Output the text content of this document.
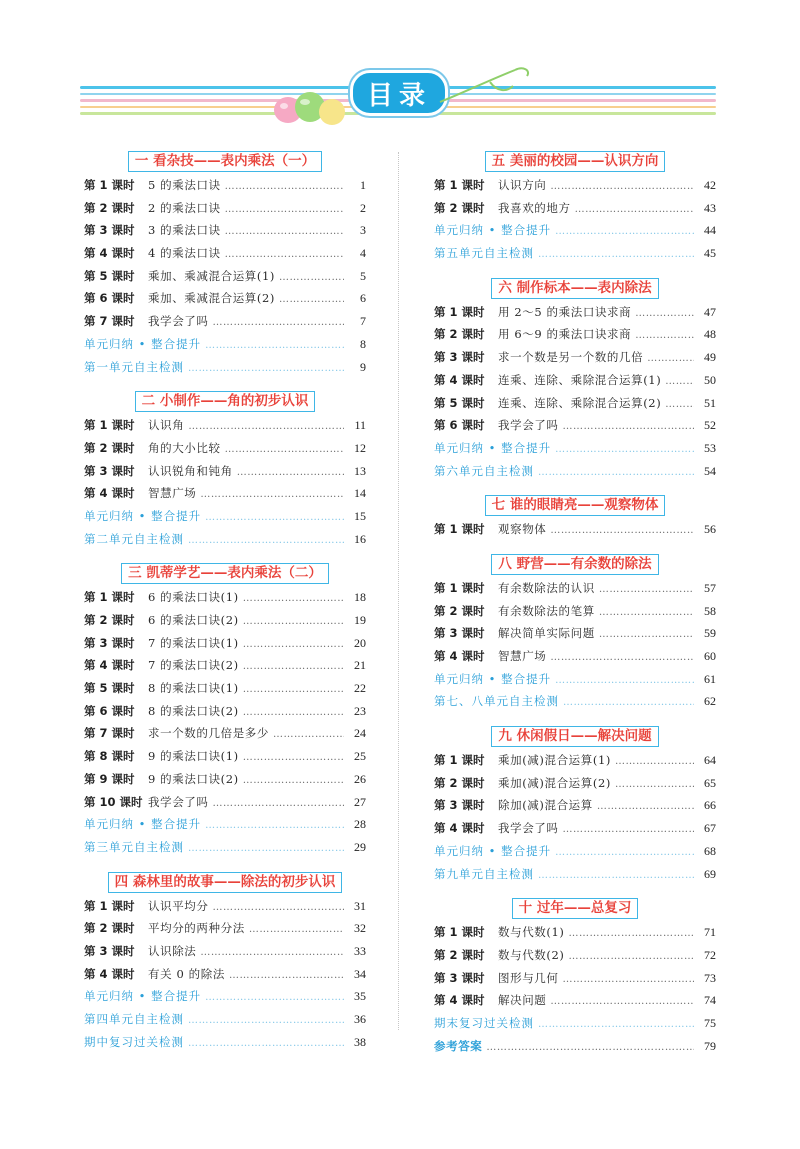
目录
一 看杂技——表内乘法（一）
第 1 课时	5 的乘法口诀 ……………………………………………………………………………………………………………………	1
第 2 课时	2 的乘法口诀 ……………………………………………………………………………………………………………………	2
第 3 课时	3 的乘法口诀 ……………………………………………………………………………………………………………………	3
第 4 课时	4 的乘法口诀 ……………………………………………………………………………………………………………………	4
第 5 课时	乘加、乘减混合运算(1) ……………………………………………………………………………………………………………………	5
第 6 课时	乘加、乘减混合运算(2) ……………………………………………………………………………………………………………………	6
第 7 课时	我学会了吗 ……………………………………………………………………………………………………………………	7
单元归纳 • 整合提升 ……………………………………………………………………………………………………………………	8
第一单元自主检测 ……………………………………………………………………………………………………………………	9
二 小制作——角的初步认识
第 1 课时	认识角 ……………………………………………………………………………………………………………………	11
第 2 课时	角的大小比较 ……………………………………………………………………………………………………………………	12
第 3 课时	认识锐角和钝角 ……………………………………………………………………………………………………………………	13
第 4 课时	智慧广场 ……………………………………………………………………………………………………………………	14
单元归纳 • 整合提升 ……………………………………………………………………………………………………………………	15
第二单元自主检测 ……………………………………………………………………………………………………………………	16
三 凯蒂学艺——表内乘法（二）
第 1 课时	6 的乘法口诀(1) ……………………………………………………………………………………………………………………	18
第 2 课时	6 的乘法口诀(2) ……………………………………………………………………………………………………………………	19
第 3 课时	7 的乘法口诀(1) ……………………………………………………………………………………………………………………	20
第 4 课时	7 的乘法口诀(2) ……………………………………………………………………………………………………………………	21
第 5 课时	8 的乘法口诀(1) ……………………………………………………………………………………………………………………	22
第 6 课时	8 的乘法口诀(2) ……………………………………………………………………………………………………………………	23
第 7 课时	求一个数的几倍是多少 ……………………………………………………………………………………………………………………	24
第 8 课时	9 的乘法口诀(1) ……………………………………………………………………………………………………………………	25
第 9 课时	9 的乘法口诀(2) ……………………………………………………………………………………………………………………	26
第 10 课时 我学会了吗 ……………………………………………………………………………………………………………………	27
单元归纳 • 整合提升 ……………………………………………………………………………………………………………………	28
第三单元自主检测 ……………………………………………………………………………………………………………………	29
四 森林里的故事——除法的初步认识
第 1 课时	认识平均分 ……………………………………………………………………………………………………………………	31
第 2 课时	平均分的两种分法 ……………………………………………………………………………………………………………………	32
第 3 课时	认识除法 ……………………………………………………………………………………………………………………	33
第 4 课时	有关 0 的除法 ……………………………………………………………………………………………………………………	34
单元归纳 • 整合提升 ……………………………………………………………………………………………………………………	35
第四单元自主检测 ……………………………………………………………………………………………………………………	36
期中复习过关检测 ……………………………………………………………………………………………………………………	38
五 美丽的校园——认识方向
第 1 课时	认识方向 ……………………………………………………………………………………………………………………	42
第 2 课时	我喜欢的地方 ……………………………………………………………………………………………………………………	43
单元归纳 • 整合提升 ……………………………………………………………………………………………………………………	44
第五单元自主检测 ……………………………………………………………………………………………………………………	45
六 制作标本——表内除法
第 1 课时	用 2～5 的乘法口诀求商 ……………………………………………………………………………………………………………………	47
第 2 课时	用 6～9 的乘法口诀求商 ……………………………………………………………………………………………………………………	48
第 3 课时	求一个数是另一个数的几倍 ……………………………………………………………………………………………………………………	49
第 4 课时	连乘、连除、乘除混合运算(1) ……………………………………………………………………………………………………………………	50
第 5 课时	连乘、连除、乘除混合运算(2) ……………………………………………………………………………………………………………………	51
第 6 课时	我学会了吗 ……………………………………………………………………………………………………………………	52
单元归纳 • 整合提升 ……………………………………………………………………………………………………………………	53
第六单元自主检测 ……………………………………………………………………………………………………………………	54
七 谁的眼睛亮——观察物体
第 1 课时	观察物体 ……………………………………………………………………………………………………………………	56
八 野营——有余数的除法
第 1 课时	有余数除法的认识 ……………………………………………………………………………………………………………………	57
第 2 课时	有余数除法的笔算 ……………………………………………………………………………………………………………………	58
第 3 课时	解决简单实际问题 ……………………………………………………………………………………………………………………	59
第 4 课时	智慧广场 ……………………………………………………………………………………………………………………	60
单元归纳 • 整合提升 ……………………………………………………………………………………………………………………	61
第七、八单元自主检测 ……………………………………………………………………………………………………………………	62
九 休闲假日——解决问题
第 1 课时	乘加(减)混合运算(1) ……………………………………………………………………………………………………………………	64
第 2 课时	乘加(减)混合运算(2) ……………………………………………………………………………………………………………………	65
第 3 课时	除加(减)混合运算 ……………………………………………………………………………………………………………………	66
第 4 课时	我学会了吗 ……………………………………………………………………………………………………………………	67
单元归纳 • 整合提升 ……………………………………………………………………………………………………………………	68
第九单元自主检测 ……………………………………………………………………………………………………………………	69
十 过年——总复习
第 1 课时	数与代数(1) ……………………………………………………………………………………………………………………	71
第 2 课时	数与代数(2) ……………………………………………………………………………………………………………………	72
第 3 课时	图形与几何 ……………………………………………………………………………………………………………………	73
第 4 课时	解决问题 ……………………………………………………………………………………………………………………	74
期末复习过关检测 ……………………………………………………………………………………………………………………	75
参考答案 ……………………………………………………………………………………………………………………	79
